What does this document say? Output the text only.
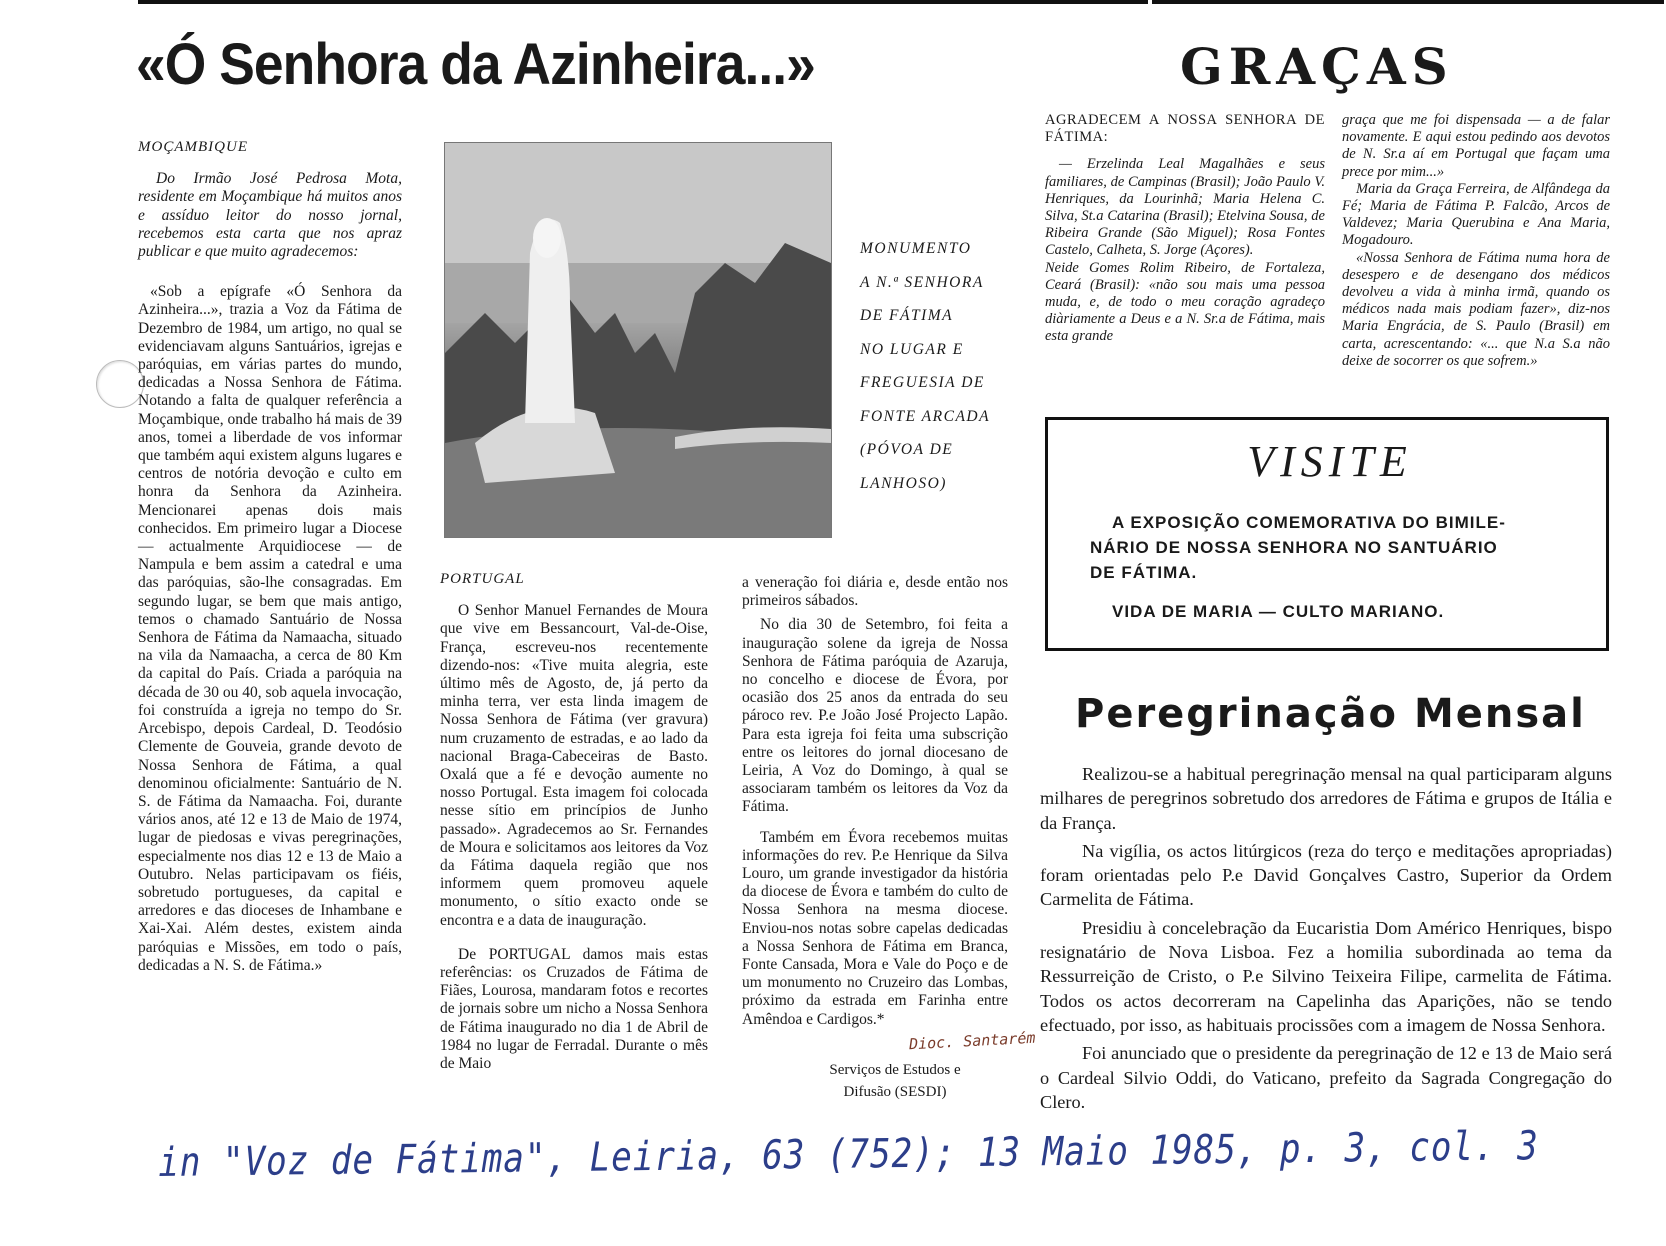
«Ó Senhora da Azinheira...»	GRAÇAS

MOÇAMBIQUE

Do Irmão José Pedrosa Mota, residente em Moçambique há muitos anos e assíduo leitor do nosso jornal, recebemos esta carta que nos apraz publicar e que muito agradecemos:

«Sob a epígrafe «Ó Senhora da Azinheira...», trazia a Voz da Fátima de Dezembro de 1984, um artigo, no qual se evidenciavam alguns Santuários, igrejas e paróquias, em várias partes do mundo, dedicadas a Nossa Senhora de Fátima. Notando a falta de qualquer referência a Moçambique, onde trabalho há mais de 39 anos, tomei a liberdade de vos informar que também aqui existem alguns lugares e centros de notória devoção e culto em honra da Senhora da Azinheira. Mencionarei apenas dois mais conhecidos. Em primeiro lugar a Diocese — actualmente Arquidiocese — de Nampula e bem assim a catedral e uma das paróquias, são-lhe consagradas. Em segundo lugar, se bem que mais antigo, temos o chamado Santuário de Nossa Senhora de Fátima da Namaacha, situado na vila da Namaacha, a cerca de 80 Km da capital do País. Criada a paróquia na década de 30 ou 40, sob aquela invocação, foi construída a igreja no tempo do Sr. Arcebispo, depois Cardeal, D. Teodósio Clemente de Gouveia, grande devoto de Nossa Senhora de Fátima, a qual denominou oficialmente: Santuário de N. S. de Fátima da Namaacha. Foi, durante vários anos, até 12 e 13 de Maio de 1974, lugar de piedosas e vivas peregrinações, especialmente nos dias 12 e 13 de Maio a Outubro. Nelas participavam os fiéis, sobretudo portugueses, da capital e arredores e das dioceses de Inhambane e Xai-Xai. Além destes, existem ainda paróquias e Missões, em todo o país, dedicadas a N. S. de Fátima.»

MONUMENTO

A N.ª SENHORA

DE FÁTIMA

NO LUGAR E

FREGUESIA DE

FONTE ARCADA

(PÓVOA DE

LANHOSO)

PORTUGAL

O Senhor Manuel Fernandes de Moura que vive em Bessancourt, Val-de-Oise, França, escreveu-nos recentemente dizendo-nos: «Tive muita alegria, este último mês de Agosto, de, já perto da minha terra, ver esta linda imagem de Nossa Senhora de Fátima (ver gravura) num cruzamento de estradas, e ao lado da nacional Braga-Cabeceiras de Basto. Oxalá que a fé e devoção aumente no nosso Portugal. Esta imagem foi colocada nesse sítio em princípios de Junho passado». Agradecemos ao Sr. Fernandes de Moura e solicitamos aos leitores da Voz da Fátima daquela região que nos informem quem promoveu aquele monumento, o sítio exacto onde se encontra e a data de inauguração.

De PORTUGAL damos mais estas referências: os Cruzados de Fátima de Fiães, Lourosa, mandaram fotos e recortes de jornais sobre um nicho a Nossa Senhora de Fátima inaugurado no dia 1 de Abril de 1984 no lugar de Ferradal. Durante o mês de Maio

a veneração foi diária e, desde então nos primeiros sábados.

No dia 30 de Setembro, foi feita a inauguração solene da igreja de Nossa Senhora de Fátima paróquia de Azaruja, no concelho e diocese de Évora, por ocasião dos 25 anos da entrada do seu pároco rev. P.e João José Projecto Lapão. Para esta igreja foi feita uma subscrição entre os leitores do jornal diocesano de Leiria, A Voz do Domingo, à qual se associaram também os leitores da Voz da Fátima.

Também em Évora recebemos muitas informações do rev. P.e Henrique da Silva Louro, um grande investigador da história da diocese de Évora e também do culto de Nossa Senhora na mesma diocese. Enviou-nos notas sobre capelas dedicadas a Nossa Senhora de Fátima em Branca, Fonte Cansada, Mora e Vale do Poço e de um monumento no Cruzeiro das Lombas, próximo da estrada em Farinha entre Amêndoa e Cardigos.*

Serviços de Estudos e
Difusão (SESDI)
Dioc. Santarém

AGRADECEM A NOSSA SENHORA DE FÁTIMA:

— Erzelinda Leal Magalhães e seus familiares, de Campinas (Brasil); João Paulo V. Henriques, da Lourinhã; Maria Helena C. Silva, St.a Catarina (Brasil); Etelvina Sousa, de Ribeira Grande (São Miguel); Rosa Fontes Castelo, Calheta, S. Jorge (Açores).

Neide Gomes Rolim Ribeiro, de Fortaleza, Ceará (Brasil): «não sou mais uma pessoa muda, e, de todo o meu coração agradeço diàriamente a Deus e a N. Sr.a de Fátima, mais esta grande

graça que me foi dispensada — a de falar novamente. E aqui estou pedindo aos devotos de N. Sr.a aí em Portugal que façam uma prece por mim...»

Maria da Graça Ferreira, de Alfândega da Fé; Maria de Fátima P. Falcão, Arcos de Valdevez; Maria Querubina e Ana Maria, Mogadouro.

«Nossa Senhora de Fátima numa hora de desespero e de desengano dos médicos devolveu a vida à minha irmã, quando os médicos nada mais podiam fazer», diz-nos Maria Engrácia, de S. Paulo (Brasil) em carta, acrescentando: «... que N.a S.a não deixe de socorrer os que sofrem.»

VISITE

A EXPOSIÇÃO COMEMORATIVA DO BIMILE-

NÁRIO DE NOSSA SENHORA NO SANTUÁRIO

DE FÁTIMA.

VIDA DE MARIA — CULTO MARIANO.

Peregrinação Mensal

Realizou-se a habitual peregrinação mensal na qual participaram alguns milhares de peregrinos sobretudo dos arredores de Fátima e grupos de Itália e da França.

Na vigília, os actos litúrgicos (reza do terço e meditações apropriadas) foram orientadas pelo P.e David Gonçalves Castro, Superior da Ordem Carmelita de Fátima.

Presidiu à concelebração da Eucaristia Dom Américo Henriques, bispo resignatário de Nova Lisboa. Fez a homilia subordinada ao tema da Ressurreição de Cristo, o P.e Silvino Teixeira Filipe, carmelita de Fátima. Todos os actos decorreram na Capelinha das Aparições, não se tendo efectuado, por isso, as habituais procissões com a imagem de Nossa Senhora.

Foi anunciado que o presidente da peregrinação de 12 e 13 de Maio será o Cardeal Silvio Oddi, do Vaticano, prefeito da Sagrada Congregação do Clero.

in "Voz de Fátima", Leiria, 63 (752); 13 Maio 1985, p. 3, col. 3
